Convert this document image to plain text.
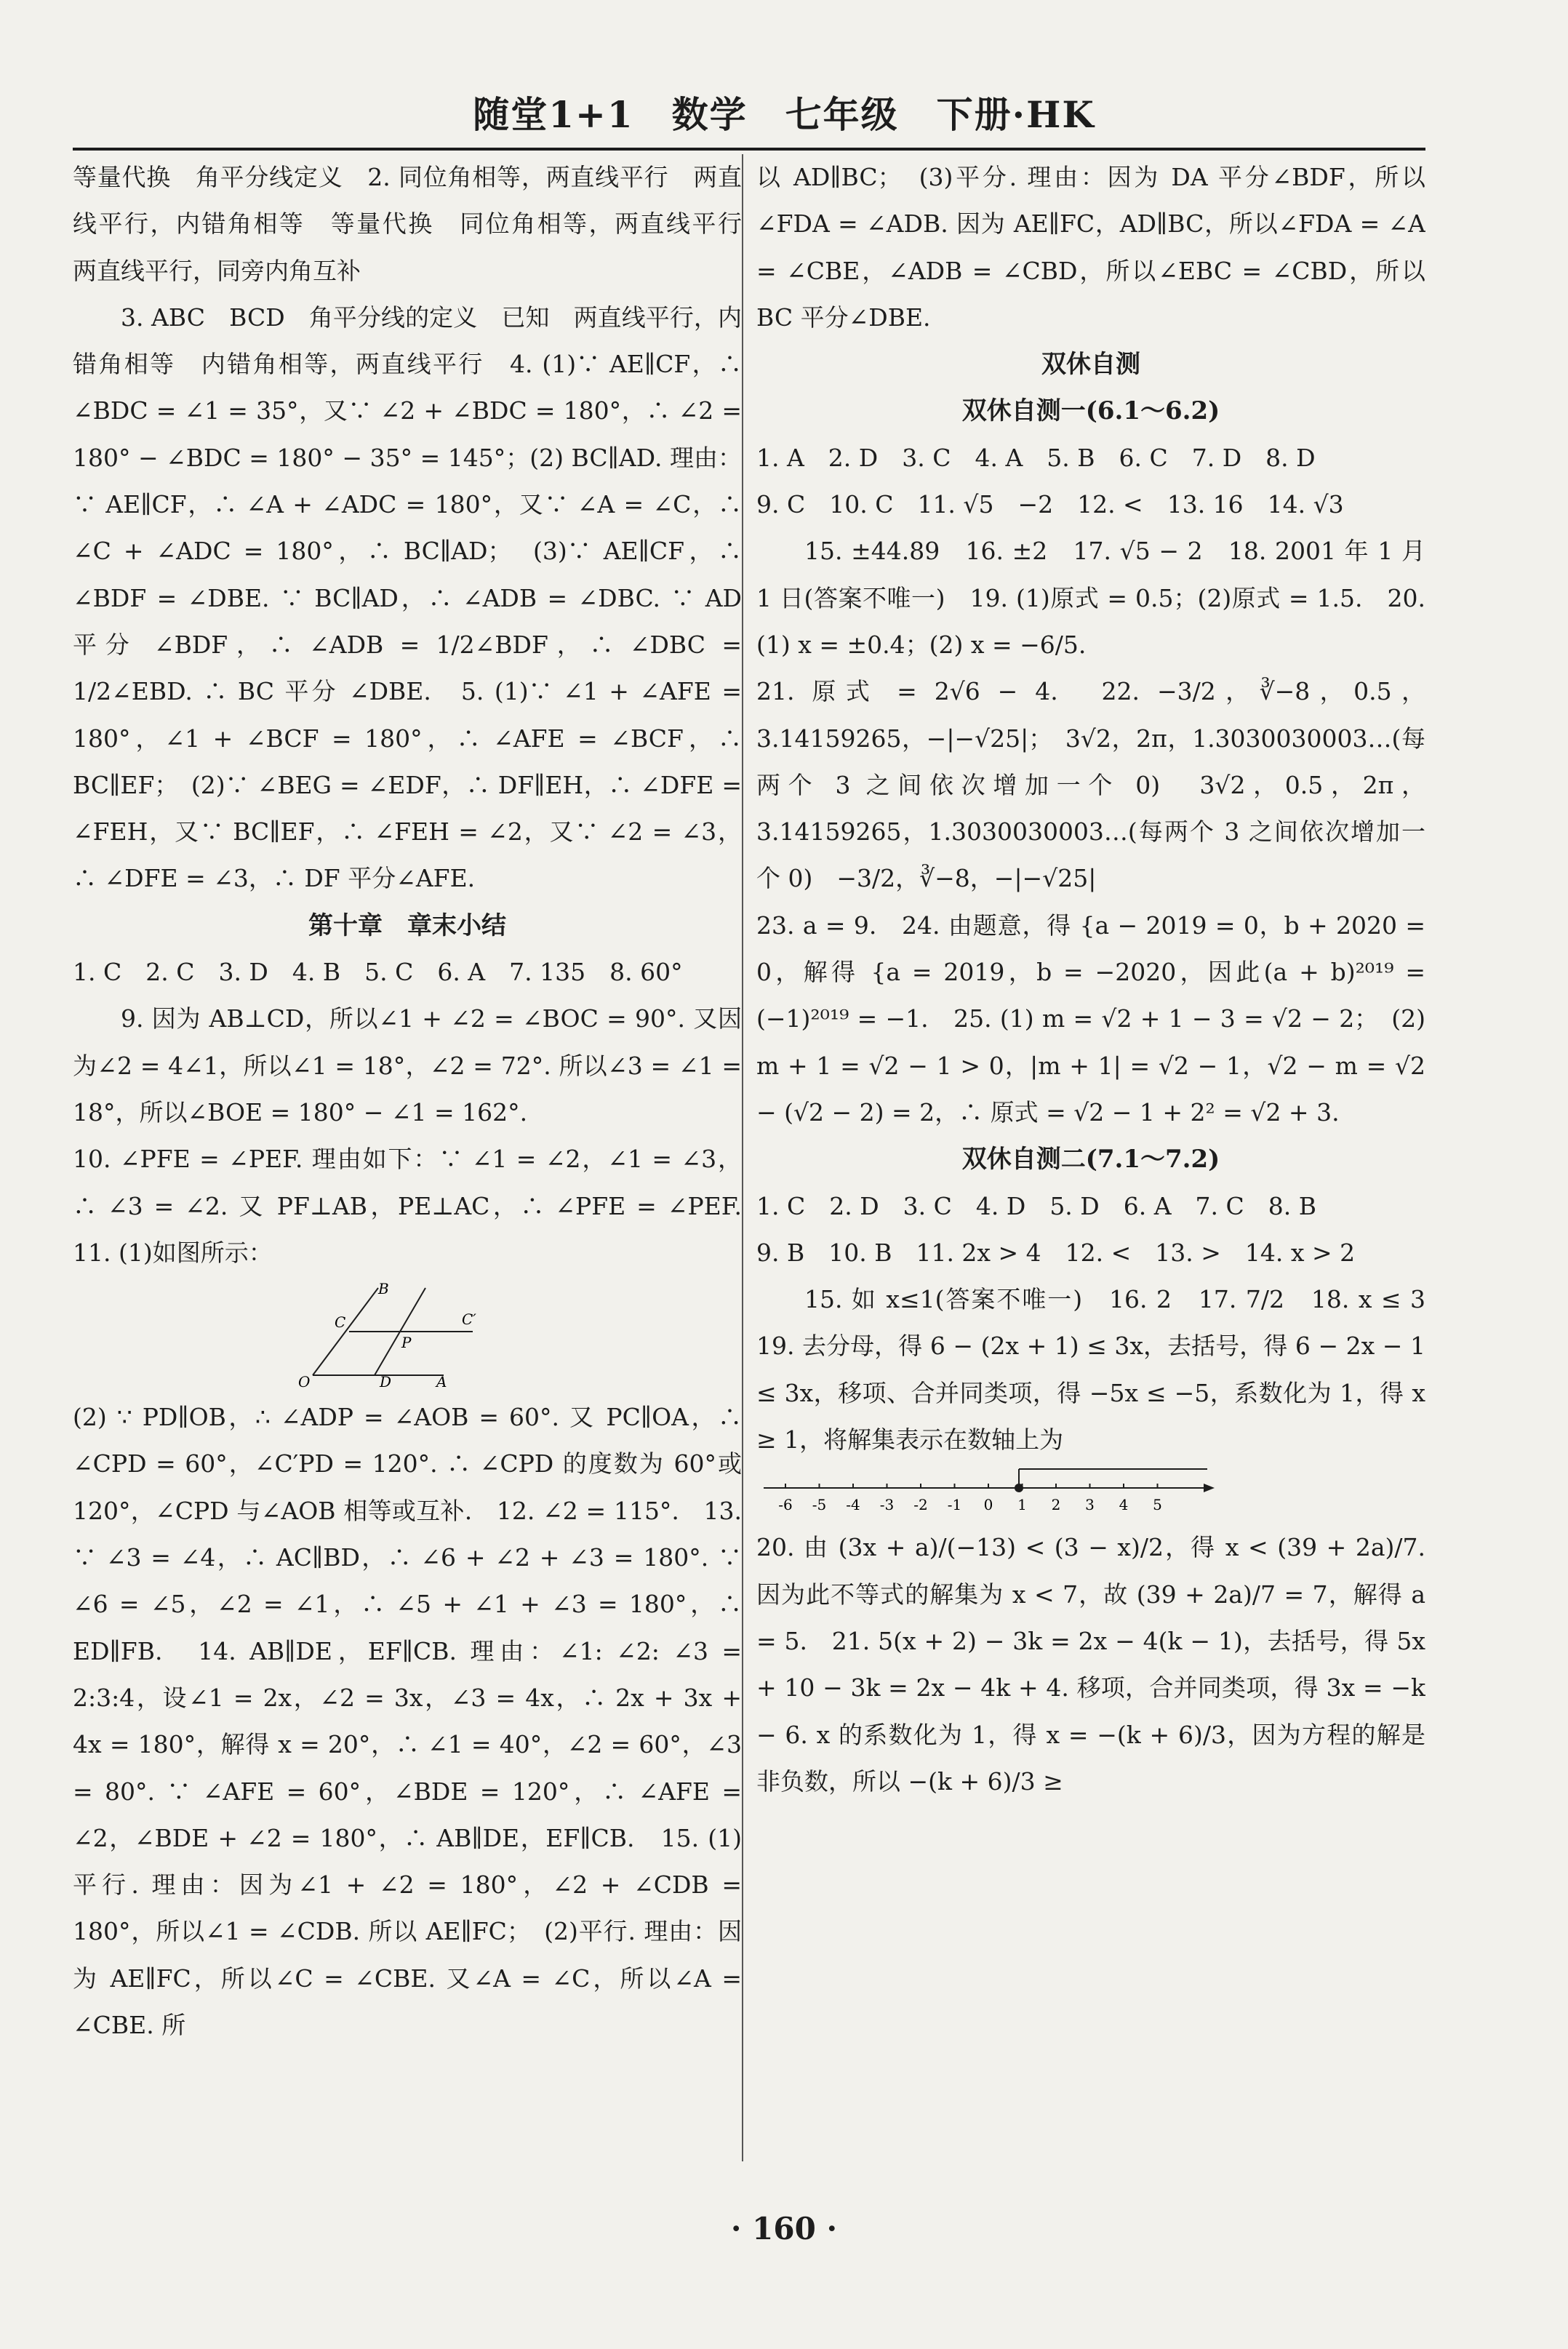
随堂1+1　数学　七年级　下册·HK

等量代换　角平分线定义　2. 同位角相等，两直线平行　两直线平行，内错角相等　等量代换　同位角相等，两直线平行　两直线平行，同旁内角互补

3. ABC　BCD　角平分线的定义　已知　两直线平行，内错角相等　内错角相等，两直线平行　4. (1)∵ AE∥CF，∴ ∠BDC = ∠1 = 35°，又∵ ∠2 + ∠BDC = 180°，∴ ∠2 = 180° − ∠BDC = 180° − 35° = 145°；(2) BC∥AD. 理由：∵ AE∥CF，∴ ∠A + ∠ADC = 180°，又∵ ∠A = ∠C，∴ ∠C + ∠ADC = 180°，∴ BC∥AD；　(3)∵ AE∥CF，∴ ∠BDF = ∠DBE. ∵ BC∥AD，∴ ∠ADB = ∠DBC. ∵ AD 平分 ∠BDF，∴ ∠ADB = 1/2∠BDF，∴ ∠DBC = 1/2∠EBD. ∴ BC 平分 ∠DBE.　5. (1)∵ ∠1 + ∠AFE = 180°，∠1 + ∠BCF = 180°，∴ ∠AFE = ∠BCF，∴ BC∥EF；　(2)∵ ∠BEG = ∠EDF，∴ DF∥EH，∴ ∠DFE = ∠FEH，又∵ BC∥EF，∴ ∠FEH = ∠2，又∵ ∠2 = ∠3，∴ ∠DFE = ∠3，∴ DF 平分∠AFE.

第十章　章末小结

1. C　2. C　3. D　4. B　5. C　6. A　7. 135　8. 60°

9. 因为 AB⊥CD，所以∠1 + ∠2 = ∠BOC = 90°. 又因为∠2 = 4∠1，所以∠1 = 18°，∠2 = 72°. 所以∠3 = ∠1 = 18°，所以∠BOE = 180° − ∠1 = 162°.

10. ∠PFE = ∠PEF. 理由如下：∵ ∠1 = ∠2，∠1 = ∠3，∴ ∠3 = ∠2. 又 PF⊥AB，PE⊥AC，∴ ∠PFE = ∠PEF.　11. (1)如图所示：

B
C	C′
P
O	D	A

(2) ∵ PD∥OB，∴ ∠ADP = ∠AOB = 60°. 又 PC∥OA，∴ ∠CPD = 60°，∠C′PD = 120°. ∴ ∠CPD 的度数为 60°或 120°，∠CPD 与∠AOB 相等或互补.　12. ∠2 = 115°.　13. ∵ ∠3 = ∠4，∴ AC∥BD，∴ ∠6 + ∠2 + ∠3 = 180°. ∵ ∠6 = ∠5，∠2 = ∠1，∴ ∠5 + ∠1 + ∠3 = 180°，∴ ED∥FB.　14. AB∥DE，EF∥CB. 理由：∠1: ∠2: ∠3 = 2:3:4，设∠1 = 2x，∠2 = 3x，∠3 = 4x，∴ 2x + 3x + 4x = 180°，解得 x = 20°，∴ ∠1 = 40°，∠2 = 60°，∠3 = 80°. ∵ ∠AFE = 60°，∠BDE = 120°，∴ ∠AFE = ∠2，∠BDE + ∠2 = 180°，∴ AB∥DE，EF∥CB.　15. (1)平行. 理由：因为∠1 + ∠2 = 180°，∠2 + ∠CDB = 180°，所以∠1 = ∠CDB. 所以 AE∥FC；　(2)平行. 理由：因为 AE∥FC，所以∠C = ∠CBE. 又∠A = ∠C，所以∠A = ∠CBE. 所

以 AD∥BC；　(3)平分. 理由：因为 DA 平分∠BDF，所以∠FDA = ∠ADB. 因为 AE∥FC，AD∥BC，所以∠FDA = ∠A = ∠CBE，∠ADB = ∠CBD，所以∠EBC = ∠CBD，所以 BC 平分∠DBE.

双休自测

双休自测一(6.1～6.2)

1. A　2. D　3. C　4. A　5. B　6. C　7. D　8. D

9. C　10. C　11. √5　−2　12. <　13. 16　14. √3

15. ±44.89　16. ±2　17. √5 − 2　18. 2001 年 1 月 1 日(答案不唯一)　19. (1)原式 = 0.5；(2)原式 = 1.5.　20. (1) x = ±0.4；(2) x = −6/5.

21. 原式 = 2√6 − 4.　22. −3/2，∛−8，0.5，3.14159265，−|−√25|；　3√2，2π，1.3030030003…(每两个 3 之间依次增加一个 0)　3√2，0.5，2π，3.14159265，1.3030030003…(每两个 3 之间依次增加一个 0)　−3/2，∛−8，−|−√25|

23. a = 9.　24. 由题意，得 {a − 2019 = 0，b + 2020 = 0，解得 {a = 2019，b = −2020，因此(a + b)²⁰¹⁹ = (−1)²⁰¹⁹ = −1.　25. (1) m = √2 + 1 − 3 = √2 − 2；　(2) m + 1 = √2 − 1 > 0，|m + 1| = √2 − 1，√2 − m = √2 − (√2 − 2) = 2，∴ 原式 = √2 − 1 + 2² = √2 + 3.

双休自测二(7.1～7.2)

1. C　2. D　3. C　4. D　5. D　6. A　7. C　8. B

9. B　10. B　11. 2x > 4　12. <　13. >　14. x > 2

15. 如 x≤1(答案不唯一)　16. 2　17. 7/2　18. x ≤ 3　19. 去分母，得 6 − (2x + 1) ≤ 3x，去括号，得 6 − 2x − 1 ≤ 3x，移项、合并同类项，得 −5x ≤ −5，系数化为 1，得 x ≥ 1，将解集表示在数轴上为

-6 -5 -4 -3 -2 -1 0 1 2 3 4 5

20. 由 (3x + a)/(−13) < (3 − x)/2，得 x < (39 + 2a)/7. 因为此不等式的解集为 x < 7，故 (39 + 2a)/7 = 7，解得 a = 5.　21. 5(x + 2) − 3k = 2x − 4(k − 1)，去括号，得 5x + 10 − 3k = 2x − 4k + 4. 移项，合并同类项，得 3x = −k − 6. x 的系数化为 1，得 x = −(k + 6)/3，因为方程的解是非负数，所以 −(k + 6)/3 ≥

· 160 ·
